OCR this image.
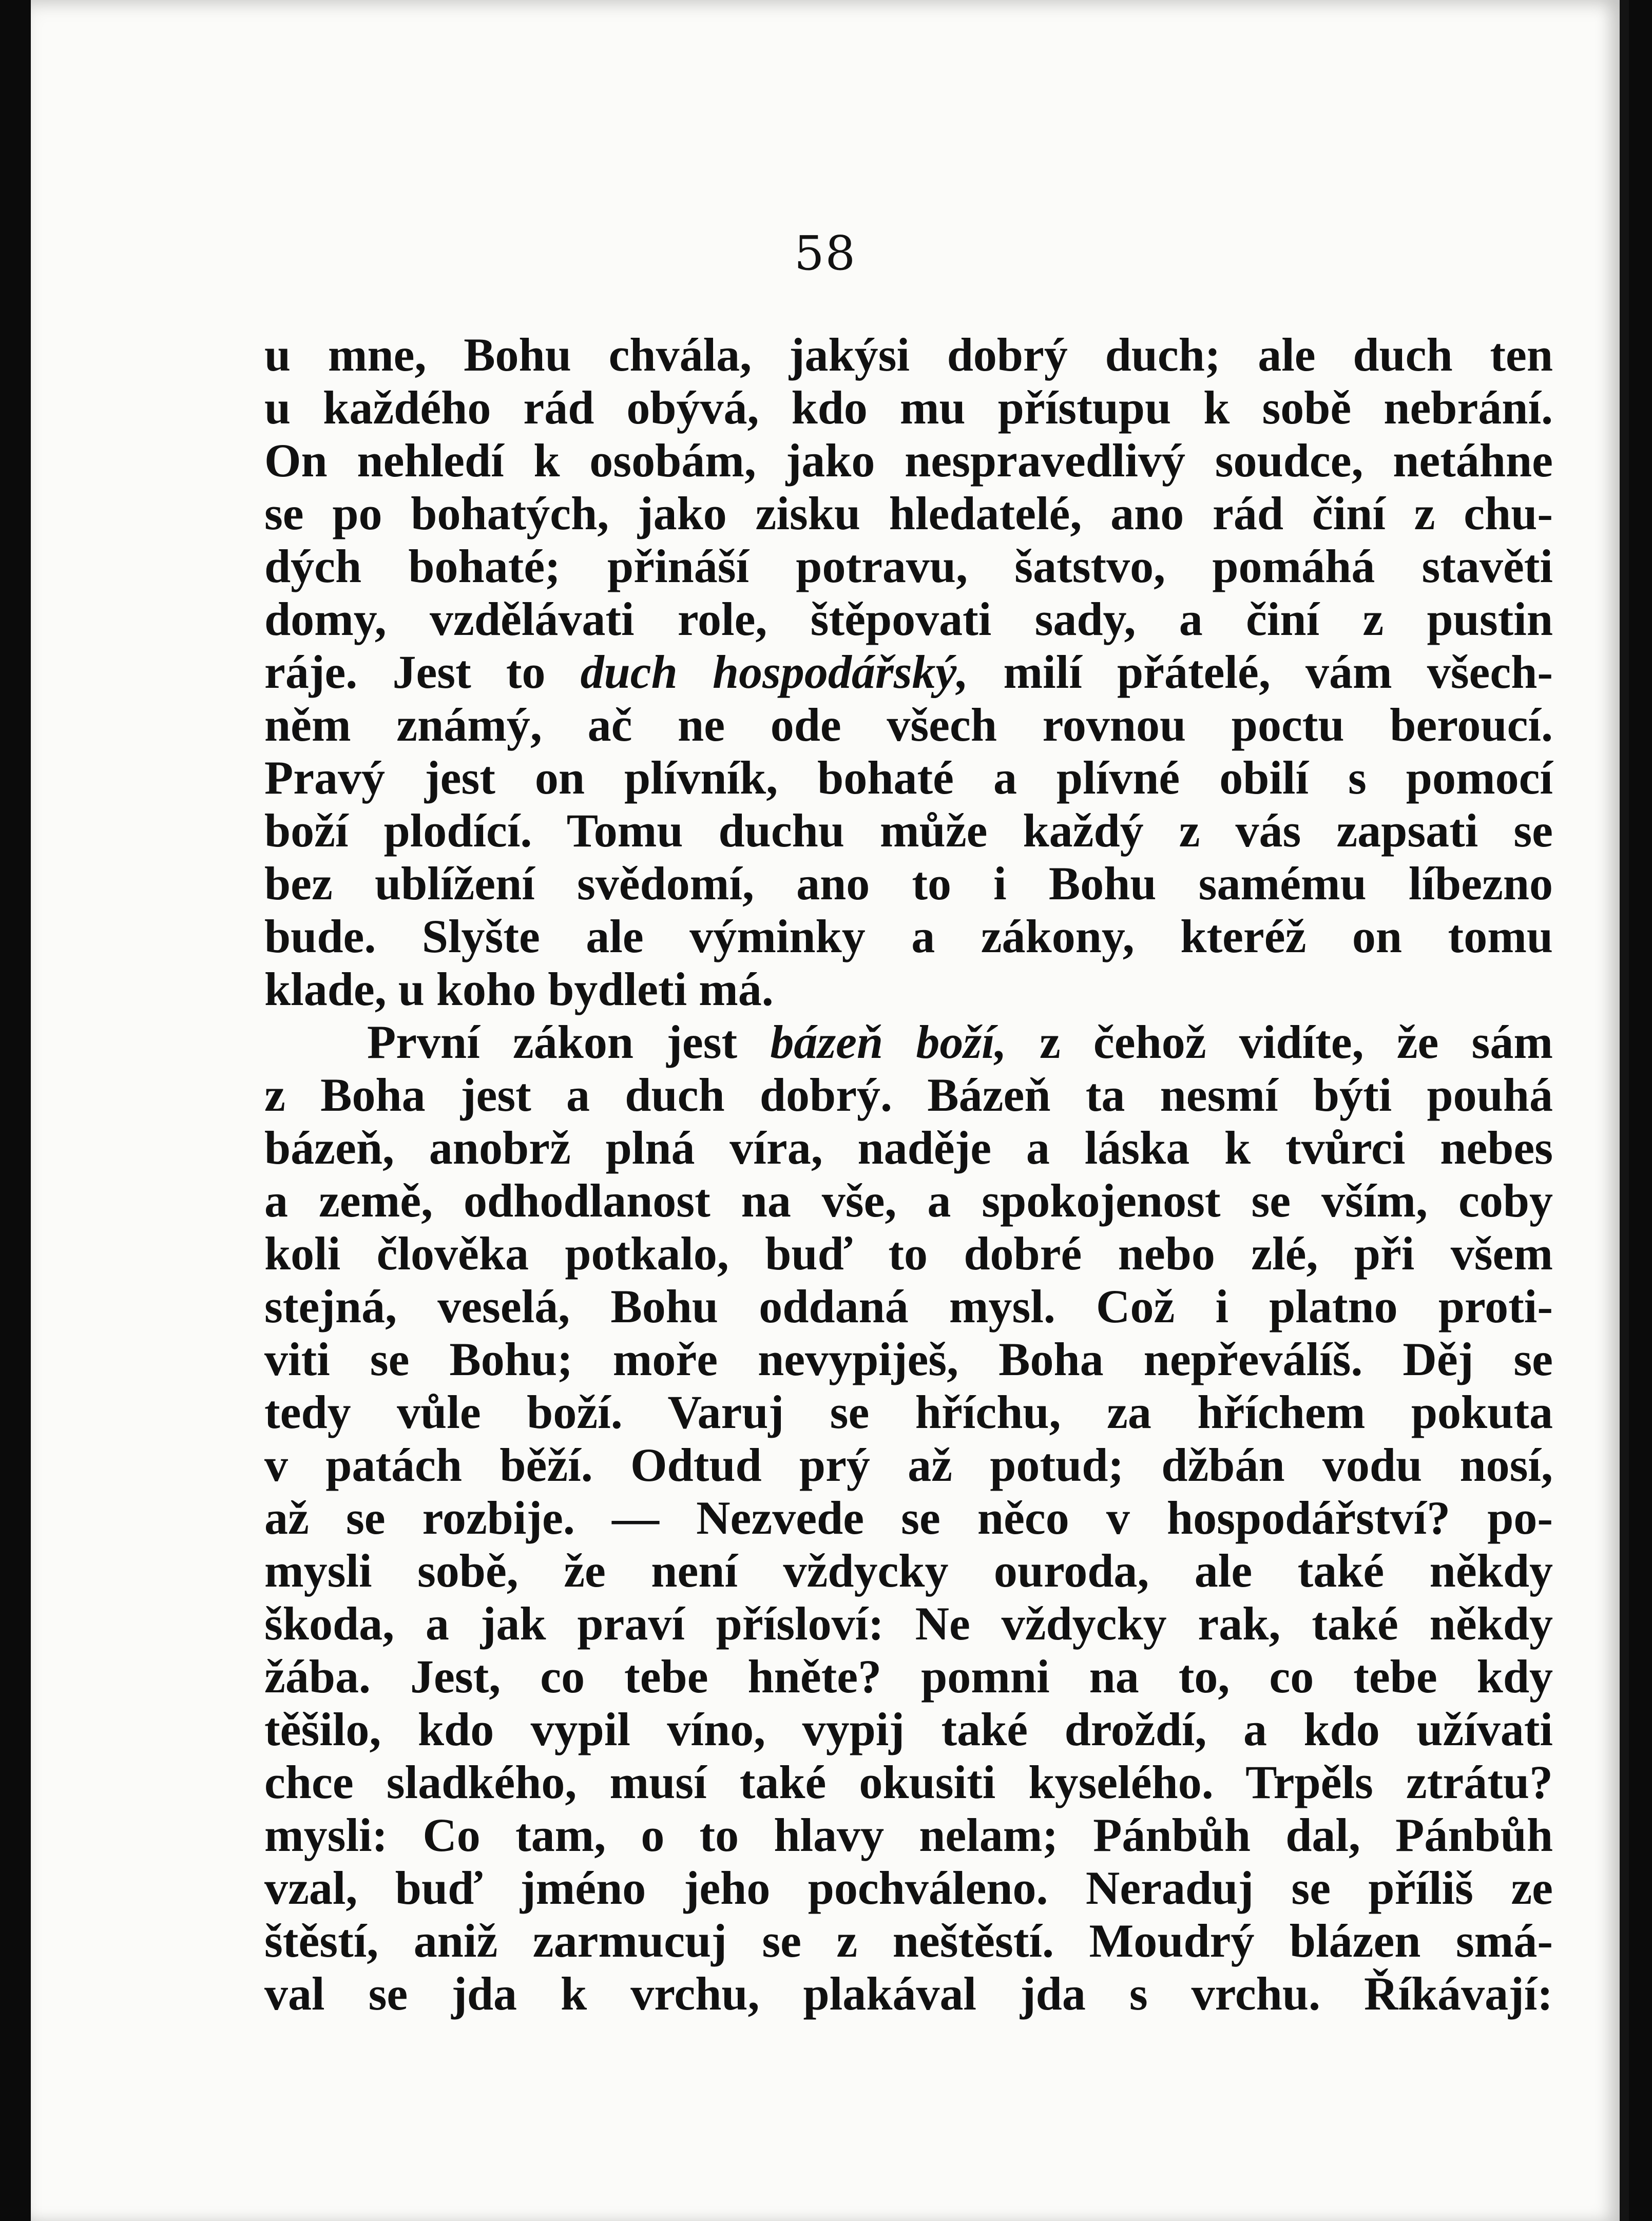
58
u mne, Bohu chvála, jakýsi dobrý duch; ale duch ten
u každého rád obývá, kdo mu přístupu k sobě nebrání.
On nehledí k osobám, jako nespravedlivý soudce, netáhne
se po bohatých, jako zisku hledatelé, ano rád činí z chu-
dých bohaté; přináší potravu, šatstvo, pomáhá stavěti
domy, vzdělávati role, štěpovati sady, a činí z pustin
ráje. Jest to duch hospodářský, milí přátelé, vám všech-
něm známý, ač ne ode všech rovnou poctu beroucí.
Pravý jest on plívník, bohaté a plívné obilí s pomocí
boží plodící. Tomu duchu může každý z vás zapsati se
bez ublížení svědomí, ano to i Bohu samému líbezno
bude. Slyšte ale výminky a zákony, kteréž on tomu
klade, u koho bydleti má.
První zákon jest bázeň boží, z čehož vidíte, že sám
z Boha jest a duch dobrý. Bázeň ta nesmí býti pouhá
bázeň, anobrž plná víra, naděje a láska k tvůrci nebes
a země, odhodlanost na vše, a spokojenost se vším, coby
koli člověka potkalo, buď to dobré nebo zlé, při všem
stejná, veselá, Bohu oddaná mysl. Což i platno proti-
viti se Bohu; moře nevypiješ, Boha nepřeválíš. Děj se
tedy vůle boží. Varuj se hříchu, za hříchem pokuta
v patách běží. Odtud prý až potud; džbán vodu nosí,
až se rozbije. — Nezvede se něco v hospodářství? po-
mysli sobě, že není vždycky ouroda, ale také někdy
škoda, a jak praví přísloví: Ne vždycky rak, také někdy
žába. Jest, co tebe hněte? pomni na to, co tebe kdy
těšilo, kdo vypil víno, vypij také droždí, a kdo užívati
chce sladkého, musí také okusiti kyselého. Trpěls ztrátu?
mysli: Co tam, o to hlavy nelam; Pánbůh dal, Pánbůh
vzal, buď jméno jeho pochváleno. Neraduj se příliš ze
štěstí, aniž zarmucuj se z neštěstí. Moudrý blázen smá-
val se jda k vrchu, plakával jda s vrchu. Říkávají:
